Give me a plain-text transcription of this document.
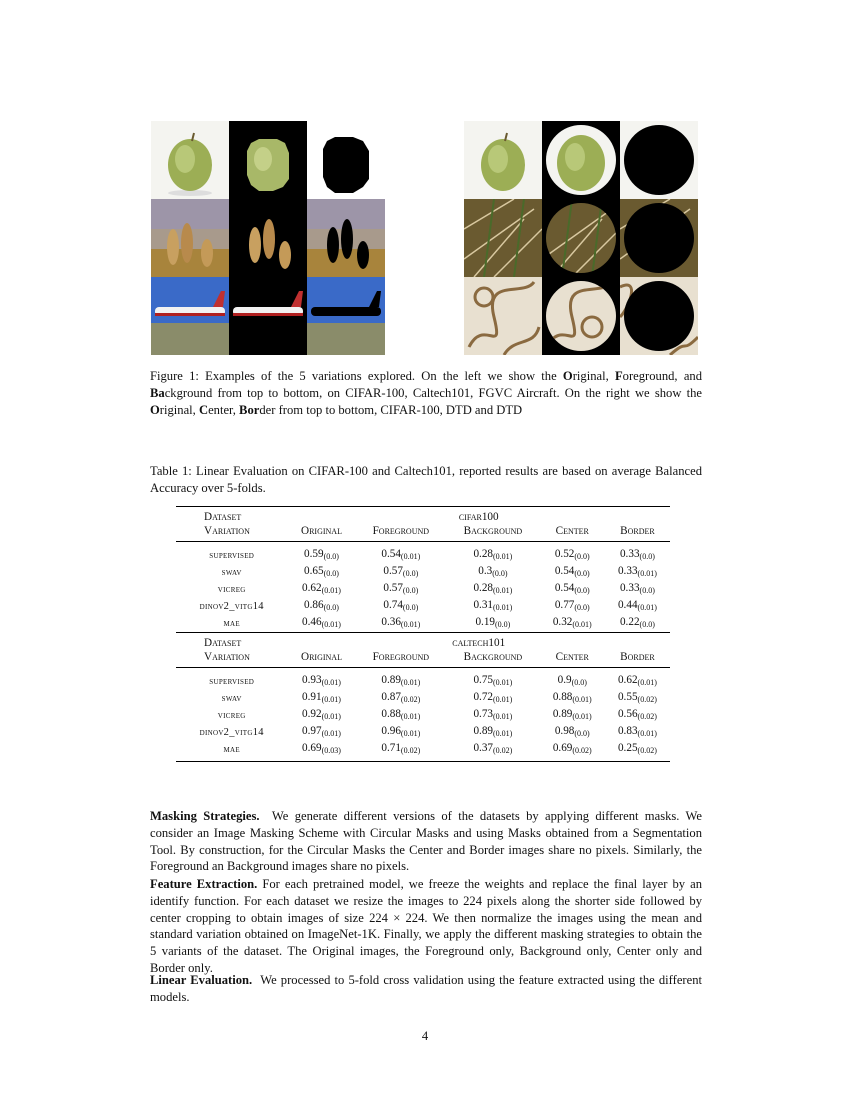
Figure 1: Examples of the 5 variations explored. On the left we show the Original, Foreground, and Background from top to bottom, on CIFAR-100, Caltech101, FGVC Aircraft. On the right we show the Original, Center, Border from top to bottom, CIFAR-100, DTD and DTD
Table 1: Linear Evaluation on CIFAR-100 and Caltech101, reported results are based on average Balanced Accuracy over 5-folds.
Dataset	cifar100				
Variation	Original	Foreground	Background	Center	Border
supervised	$0.59_{(0.0)}$	$0.54_{(0.01)}$	$0.28_{(0.01)}$	$0.52_{(0.0)}$	$0.33_{(0.0)}$
swav	$0.65_{(0.0)}$	$0.57_{(0.0)}$	$0.3_{(0.0)}$	$0.54_{(0.0)}$	$0.33_{(0.01)}$
vicreg	$0.62_{(0.01)}$	$0.57_{(0.0)}$	$0.28_{(0.01)}$	$0.54_{(0.0)}$	$0.33_{(0.0)}$
dinov2_vitg14	$0.86_{(0.0)}$	$0.74_{(0.0)}$	$0.31_{(0.01)}$	$0.77_{(0.0)}$	$0.44_{(0.01)}$
mae	$0.46_{(0.01)}$	$0.36_{(0.01)}$	$0.19_{(0.0)}$	$0.32_{(0.01)}$	$0.22_{(0.0)}$
Dataset	caltech101				
Variation	Original	Foreground	Background	Center	Border
supervised	$0.93_{(0.01)}$	$0.89_{(0.01)}$	$0.75_{(0.01)}$	$0.9_{(0.0)}$	$0.62_{(0.01)}$
swav	$0.91_{(0.01)}$	$0.87_{(0.02)}$	$0.72_{(0.01)}$	$0.88_{(0.01)}$	$0.55_{(0.02)}$
vicreg	$0.92_{(0.01)}$	$0.88_{(0.01)}$	$0.73_{(0.01)}$	$0.89_{(0.01)}$	$0.56_{(0.02)}$
dinov2_vitg14	$0.97_{(0.01)}$	$0.96_{(0.01)}$	$0.89_{(0.01)}$	$0.98_{(0.0)}$	$0.83_{(0.01)}$
mae	$0.69_{(0.03)}$	$0.71_{(0.02)}$	$0.37_{(0.02)}$	$0.69_{(0.02)}$	$0.25_{(0.02)}$
Masking Strategies. We generate different versions of the datasets by applying different masks. We consider an Image Masking Scheme with Circular Masks and using Masks obtained from a Segmentation Tool. By construction, for the Circular Masks the Center and Border images share no pixels. Similarly, the Foreground an Background images share no pixels.
Feature Extraction. For each pretrained model, we freeze the weights and replace the final layer by an identify function. For each dataset we resize the images to 224 pixels along the shorter side followed by center cropping to obtain images of size 224 × 224. We then normalize the images using the mean and standard variation obtained on ImageNet-1K. Finally, we apply the different masking strategies to obtain the 5 variants of the dataset. The Original images, the Foreground only, Background only, Center only and Border only.
Linear Evaluation. We processed to 5-fold cross validation using the feature extracted using the different models.
4
